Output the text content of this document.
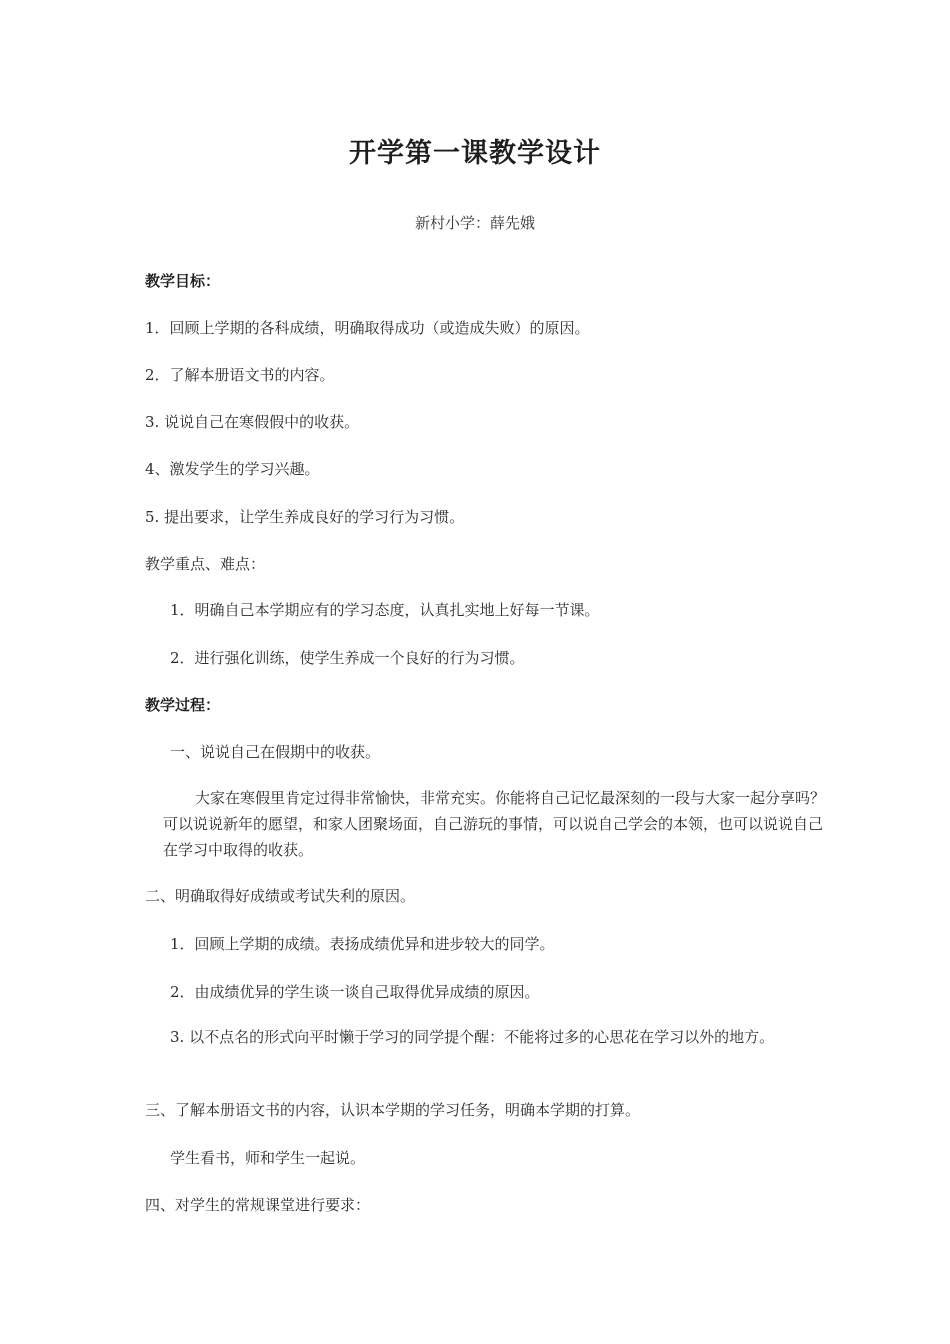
开学第一课教学设计
新村小学：薛先娥
教学目标：
1．回顾上学期的各科成绩，明确取得成功（或造成失败）的原因。
2．了解本册语文书的内容。
3. 说说自己在寒假假中的收获。
4、激发学生的学习兴趣。
5. 提出要求，让学生养成良好的学习行为习惯。
教学重点、难点：
1．明确自己本学期应有的学习态度，认真扎实地上好每一节课。
2．进行强化训练，使学生养成一个良好的行为习惯。
教学过程：
一、说说自己在假期中的收获。
大家在寒假里肯定过得非常愉快，非常充实。你能将自己记忆最深刻的一段与大家一起分享吗？可以说说新年的愿望，和家人团聚场面，自己游玩的事情，可以说自己学会的本领，也可以说说自己在学习中取得的收获。
二、明确取得好成绩或考试失利的原因。
1．回顾上学期的成绩。表扬成绩优异和进步较大的同学。
2．由成绩优异的学生谈一谈自己取得优异成绩的原因。
3. 以不点名的形式向平时懒于学习的同学提个醒：不能将过多的心思花在学习以外的地方。
三、了解本册语文书的内容，认识本学期的学习任务，明确本学期的打算。
学生看书，师和学生一起说。
四、对学生的常规课堂进行要求：
